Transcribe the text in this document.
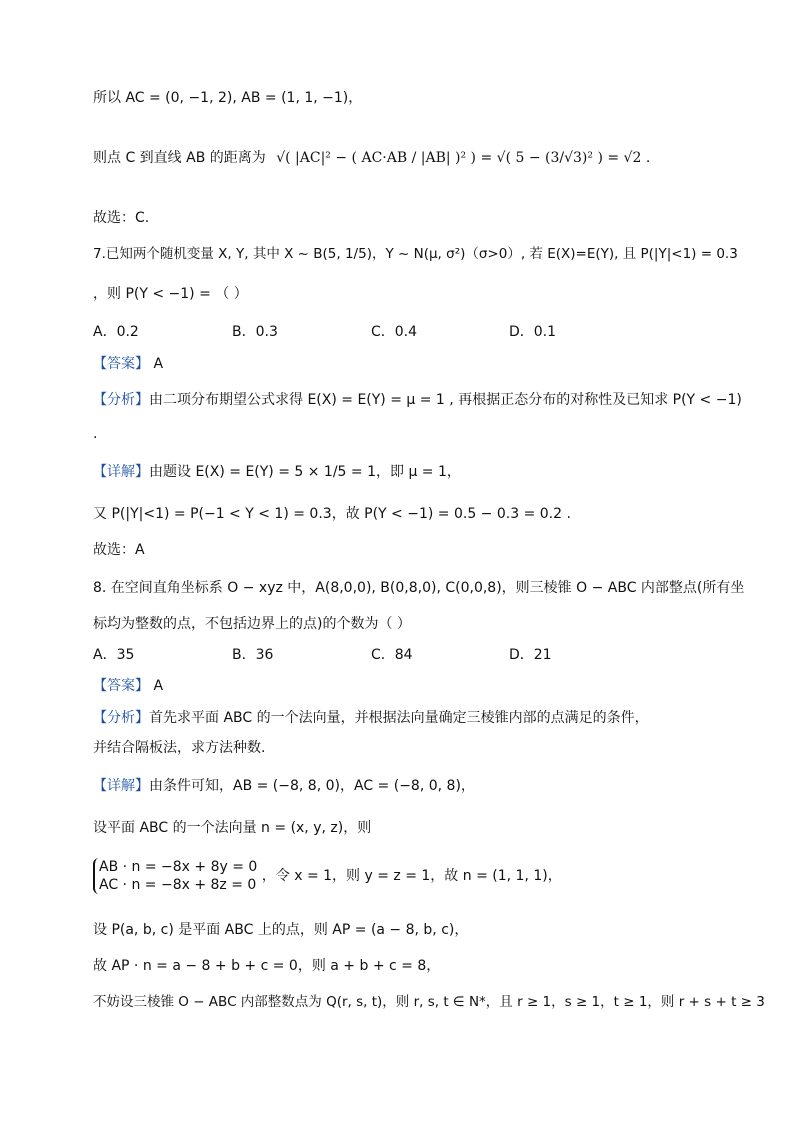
所以 AC = (0, −1, 2), AB = (1, 1, −1)，
则点 C 到直线 AB 的距离为 √( |AC|² − ( AC·AB / |AB| )² ) = √( 5 − (3/√3)² ) = √2 .
故选：C.
7.已知两个随机变量 X, Y, 其中 X ~ B(5, 1/5)，Y ~ N(μ, σ²)（σ>0）, 若 E(X)=E(Y), 且 P(|Y|<1) = 0.3
，则 P(Y < −1) = （ ）
A．0.2	B．0.3	C．0.4	D．0.1
【答案】 A
【分析】由二项分布期望公式求得 E(X) = E(Y) = μ = 1 , 再根据正态分布的对称性及已知求 P(Y < −1)
.
【详解】由题设 E(X) = E(Y) = 5 × 1/5 = 1，即 μ = 1，
又 P(|Y|<1) = P(−1 < Y < 1) = 0.3，故 P(Y < −1) = 0.5 − 0.3 = 0.2 .
故选：A
8. 在空间直角坐标系 O − xyz 中，A(8,0,0), B(0,8,0), C(0,0,8)，则三棱锥 O − ABC 内部整点(所有坐
标均为整数的点，不包括边界上的点)的个数为（ ）
A．35	B．36	C．84	D．21
【答案】 A
【分析】首先求平面 ABC 的一个法向量，并根据法向量确定三棱锥内部的点满足的条件，
并结合隔板法，求方法种数.
【详解】由条件可知，AB = (−8, 8, 0)，AC = (−8, 0, 8)，
设平面 ABC 的一个法向量 n = (x, y, z)，则
AB · n = −8x + 8y = 0
AC · n = −8x + 8z = 0
，令 x = 1，则 y = z = 1，故 n = (1, 1, 1)，
设 P(a, b, c) 是平面 ABC 上的点，则 AP = (a − 8, b, c)，
故 AP · n = a − 8 + b + c = 0，则 a + b + c = 8，
不妨设三棱锥 O − ABC 内部整数点为 Q(r, s, t)，则 r, s, t ∈ N*，且 r ≥ 1，s ≥ 1，t ≥ 1，则 r + s + t ≥ 3
